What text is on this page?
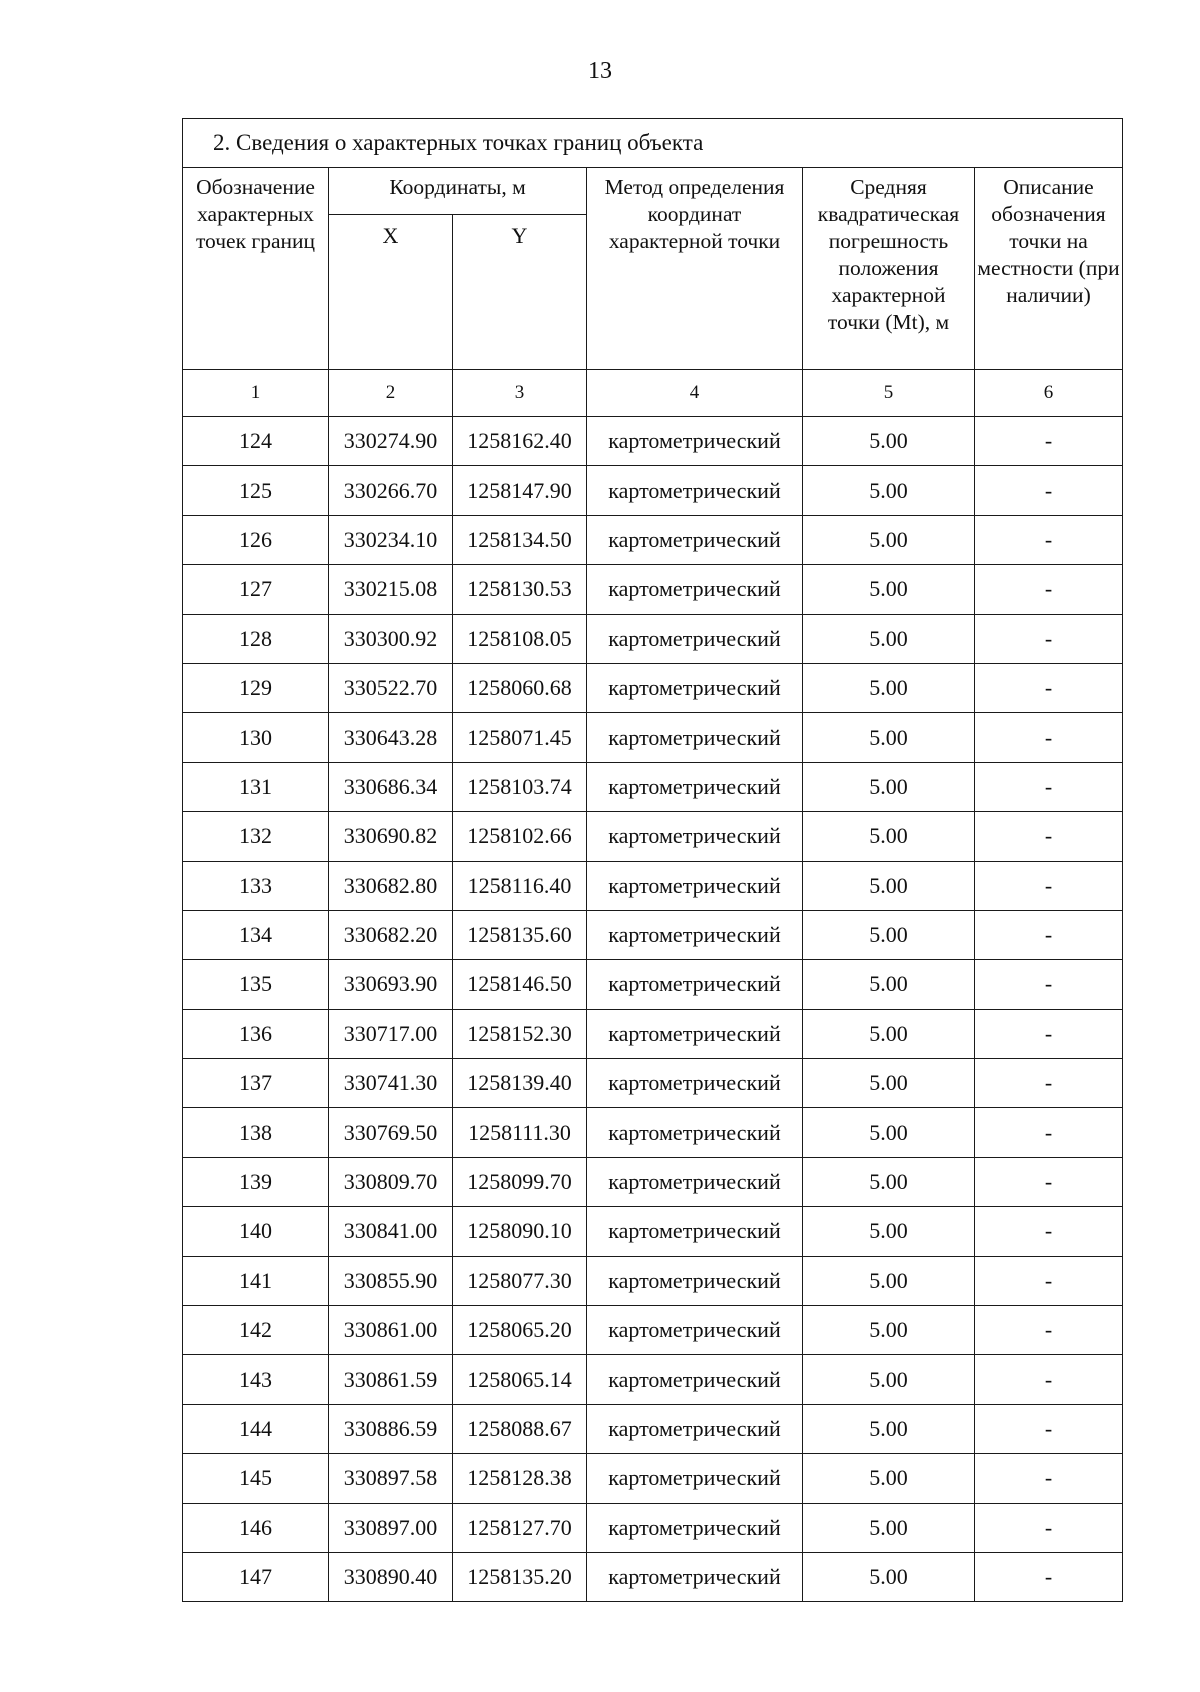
13
2. Сведения о характерных точках границ объекта					
Обозначение характерных точек границ	Координаты, м		Метод определения координат характерной точки	Средняя квадратическая погрешность положения характерной точки (Mt), м	Описание обозначения точки на местности (при наличии)
	X	Y			
1	2	3	4	5	6
124	330274.90	1258162.40	картометрический	5.00	-
125	330266.70	1258147.90	картометрический	5.00	-
126	330234.10	1258134.50	картометрический	5.00	-
127	330215.08	1258130.53	картометрический	5.00	-
128	330300.92	1258108.05	картометрический	5.00	-
129	330522.70	1258060.68	картометрический	5.00	-
130	330643.28	1258071.45	картометрический	5.00	-
131	330686.34	1258103.74	картометрический	5.00	-
132	330690.82	1258102.66	картометрический	5.00	-
133	330682.80	1258116.40	картометрический	5.00	-
134	330682.20	1258135.60	картометрический	5.00	-
135	330693.90	1258146.50	картометрический	5.00	-
136	330717.00	1258152.30	картометрический	5.00	-
137	330741.30	1258139.40	картометрический	5.00	-
138	330769.50	1258111.30	картометрический	5.00	-
139	330809.70	1258099.70	картометрический	5.00	-
140	330841.00	1258090.10	картометрический	5.00	-
141	330855.90	1258077.30	картометрический	5.00	-
142	330861.00	1258065.20	картометрический	5.00	-
143	330861.59	1258065.14	картометрический	5.00	-
144	330886.59	1258088.67	картометрический	5.00	-
145	330897.58	1258128.38	картометрический	5.00	-
146	330897.00	1258127.70	картометрический	5.00	-
147	330890.40	1258135.20	картометрический	5.00	-
